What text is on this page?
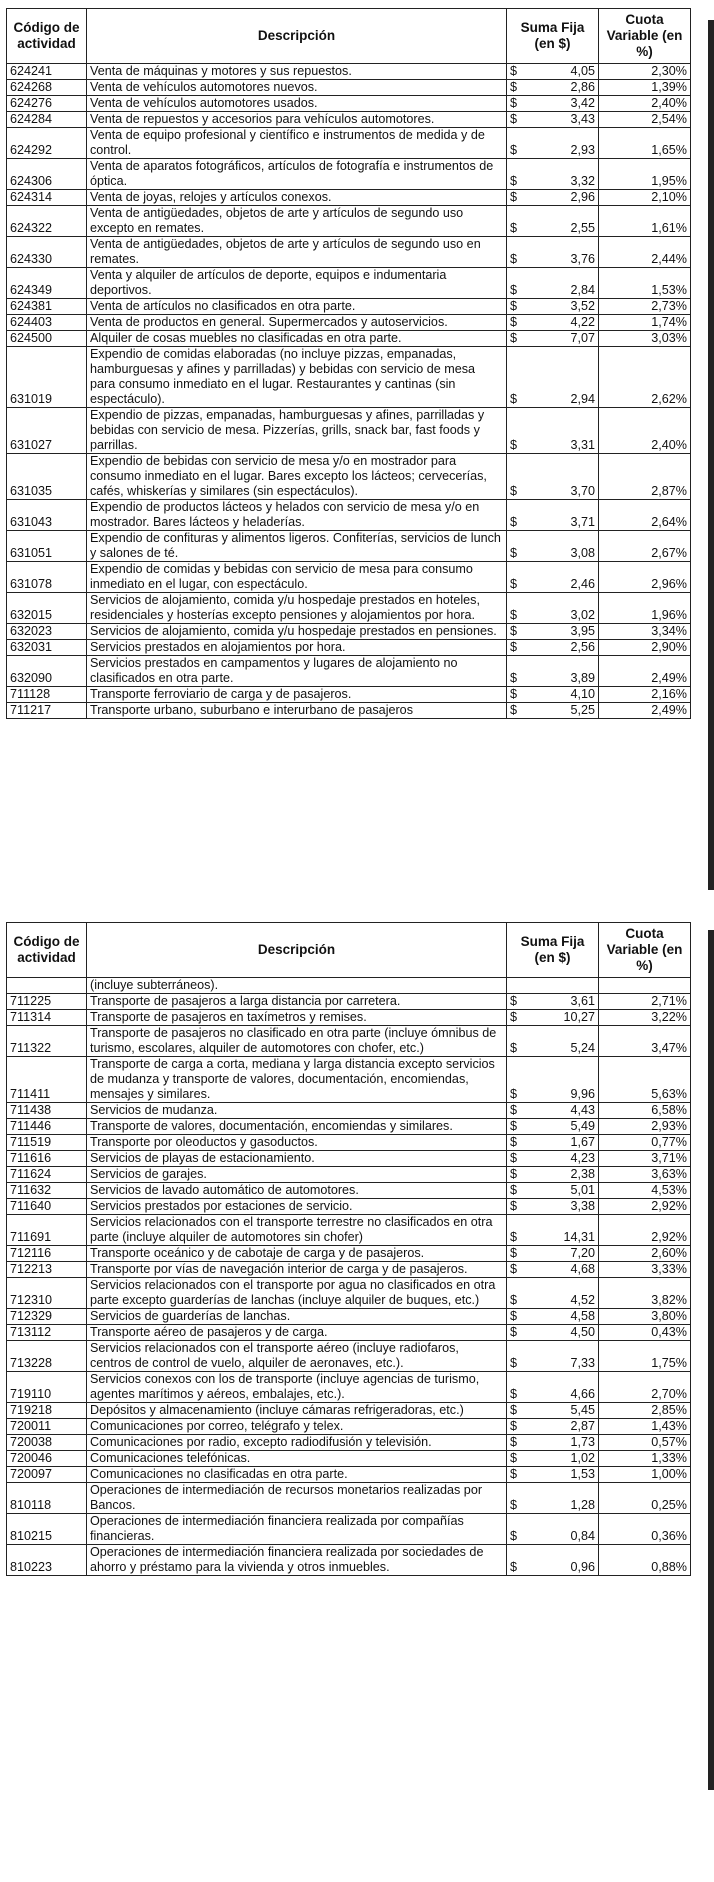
Código de actividad	Descripción	Suma Fija (en $)	Cuota Variable (en %)
624241	Venta de máquinas y motores y sus repuestos.	$ 4,05	2,30%
624268	Venta de vehículos automotores nuevos.	$ 2,86	1,39%
624276	Venta de vehículos automotores usados.	$ 3,42	2,40%
624284	Venta de repuestos y accesorios para vehículos automotores.	$ 3,43	2,54%
624292	Venta de equipo profesional y científico e instrumentos de medida y de control.	$ 2,93	1,65%
624306	Venta de aparatos fotográficos, artículos de fotografía e instrumentos de óptica.	$ 3,32	1,95%
624314	Venta de joyas, relojes y artículos conexos.	$ 2,96	2,10%
624322	Venta de antigüedades, objetos de arte y artículos de segundo uso excepto en remates.	$ 2,55	1,61%
624330	Venta de antigüedades, objetos de arte y artículos de segundo uso en remates.	$ 3,76	2,44%
624349	Venta y alquiler de artículos de deporte, equipos e indumentaria deportivos.	$ 2,84	1,53%
624381	Venta de artículos no clasificados en otra parte.	$ 3,52	2,73%
624403	Venta de productos en general. Supermercados y autoservicios.	$ 4,22	1,74%
624500	Alquiler de cosas muebles no clasificadas en otra parte.	$ 7,07	3,03%
631019	Expendio de comidas elaboradas (no incluye pizzas, empanadas, hamburguesas y afines y parrilladas) y bebidas con servicio de mesa para consumo inmediato en el lugar. Restaurantes y cantinas (sin espectáculo).	$ 2,94	2,62%
631027	Expendio de pizzas, empanadas, hamburguesas y afines, parrilladas y bebidas con servicio de mesa. Pizzerías, grills, snack bar, fast foods y parrillas.	$ 3,31	2,40%
631035	Expendio de bebidas con servicio de mesa y/o en mostrador para consumo inmediato en el lugar. Bares excepto los lácteos; cervecerías, cafés, whiskerías y similares (sin espectáculos).	$ 3,70	2,87%
631043	Expendio de productos lácteos y helados con servicio de mesa y/o en mostrador. Bares lácteos y heladerías.	$ 3,71	2,64%
631051	Expendio de confituras y alimentos ligeros. Confiterías, servicios de lunch y salones de té.	$ 3,08	2,67%
631078	Expendio de comidas y bebidas con servicio de mesa para consumo inmediato en el lugar, con espectáculo.	$ 2,46	2,96%
632015	Servicios de alojamiento, comida y/u hospedaje prestados en hoteles, residenciales y hosterías excepto pensiones y alojamientos por hora.	$ 3,02	1,96%
632023	Servicios de alojamiento, comida y/u hospedaje prestados en pensiones.	$ 3,95	3,34%
632031	Servicios prestados en alojamientos por hora.	$ 2,56	2,90%
632090	Servicios prestados en campamentos y lugares de alojamiento no clasificados en otra parte.	$ 3,89	2,49%
711128	Transporte ferroviario de carga y de pasajeros.	$ 4,10	2,16%
711217	Transporte urbano, suburbano e interurbano de pasajeros	$ 5,25	2,49%
Código de actividad	Descripción	Suma Fija (en $)	Cuota Variable (en %)
	(incluye subterráneos).	

711225	Transporte de pasajeros a larga distancia por carretera.	$ 3,61	2,71%
711314	Transporte de pasajeros en taxímetros y remises.	$ 10,27	3,22%
711322	Transporte de pasajeros no clasificado en otra parte (incluye ómnibus de turismo, escolares, alquiler de automotores con chofer, etc.)	$ 5,24	3,47%
711411	Transporte de carga a corta, mediana y larga distancia excepto servicios de mudanza y transporte de valores, documentación, encomiendas, mensajes y similares.	$ 9,96	5,63%
711438	Servicios de mudanza.	$ 4,43	6,58%
711446	Transporte de valores, documentación, encomiendas y similares.	$ 5,49	2,93%
711519	Transporte por oleoductos y gasoductos.	$ 1,67	0,77%
711616	Servicios de playas de estacionamiento.	$ 4,23	3,71%
711624	Servicios de garajes.	$ 2,38	3,63%
711632	Servicios de lavado automático de automotores.	$ 5,01	4,53%
711640	Servicios prestados por estaciones de servicio.	$ 3,38	2,92%
711691	Servicios relacionados con el transporte terrestre no clasificados en otra parte (incluye alquiler de automotores sin chofer)	$ 14,31	2,92%
712116	Transporte oceánico y de cabotaje de carga y de pasajeros.	$ 7,20	2,60%
712213	Transporte por vías de navegación interior de carga y de pasajeros.	$ 4,68	3,33%
712310	Servicios relacionados con el transporte por agua no clasificados en otra parte excepto guarderías de lanchas (incluye alquiler de buques, etc.)	$ 4,52	3,82%
712329	Servicios de guarderías de lanchas.	$ 4,58	3,80%
713112	Transporte aéreo de pasajeros y de carga.	$ 4,50	0,43%
713228	Servicios relacionados con el transporte aéreo (incluye radiofaros, centros de control de vuelo, alquiler de aeronaves, etc.).	$ 7,33	1,75%
719110	Servicios conexos con los de transporte (incluye agencias de turismo, agentes marítimos y aéreos, embalajes, etc.).	$ 4,66	2,70%
719218	Depósitos y almacenamiento (incluye cámaras refrigeradoras, etc.)	$ 5,45	2,85%
720011	Comunicaciones por correo, telégrafo y telex.	$ 2,87	1,43%
720038	Comunicaciones por radio, excepto radiodifusión y televisión.	$ 1,73	0,57%
720046	Comunicaciones telefónicas.	$ 1,02	1,33%
720097	Comunicaciones no clasificadas en otra parte.	$ 1,53	1,00%
810118	Operaciones de intermediación de recursos monetarios realizadas por Bancos.	$ 1,28	0,25%
810215	Operaciones de intermediación financiera realizada por compañías financieras.	$ 0,84	0,36%
810223	Operaciones de intermediación financiera realizada por sociedades de ahorro y préstamo para la vivienda y otros inmuebles.	$ 0,96	0,88%
